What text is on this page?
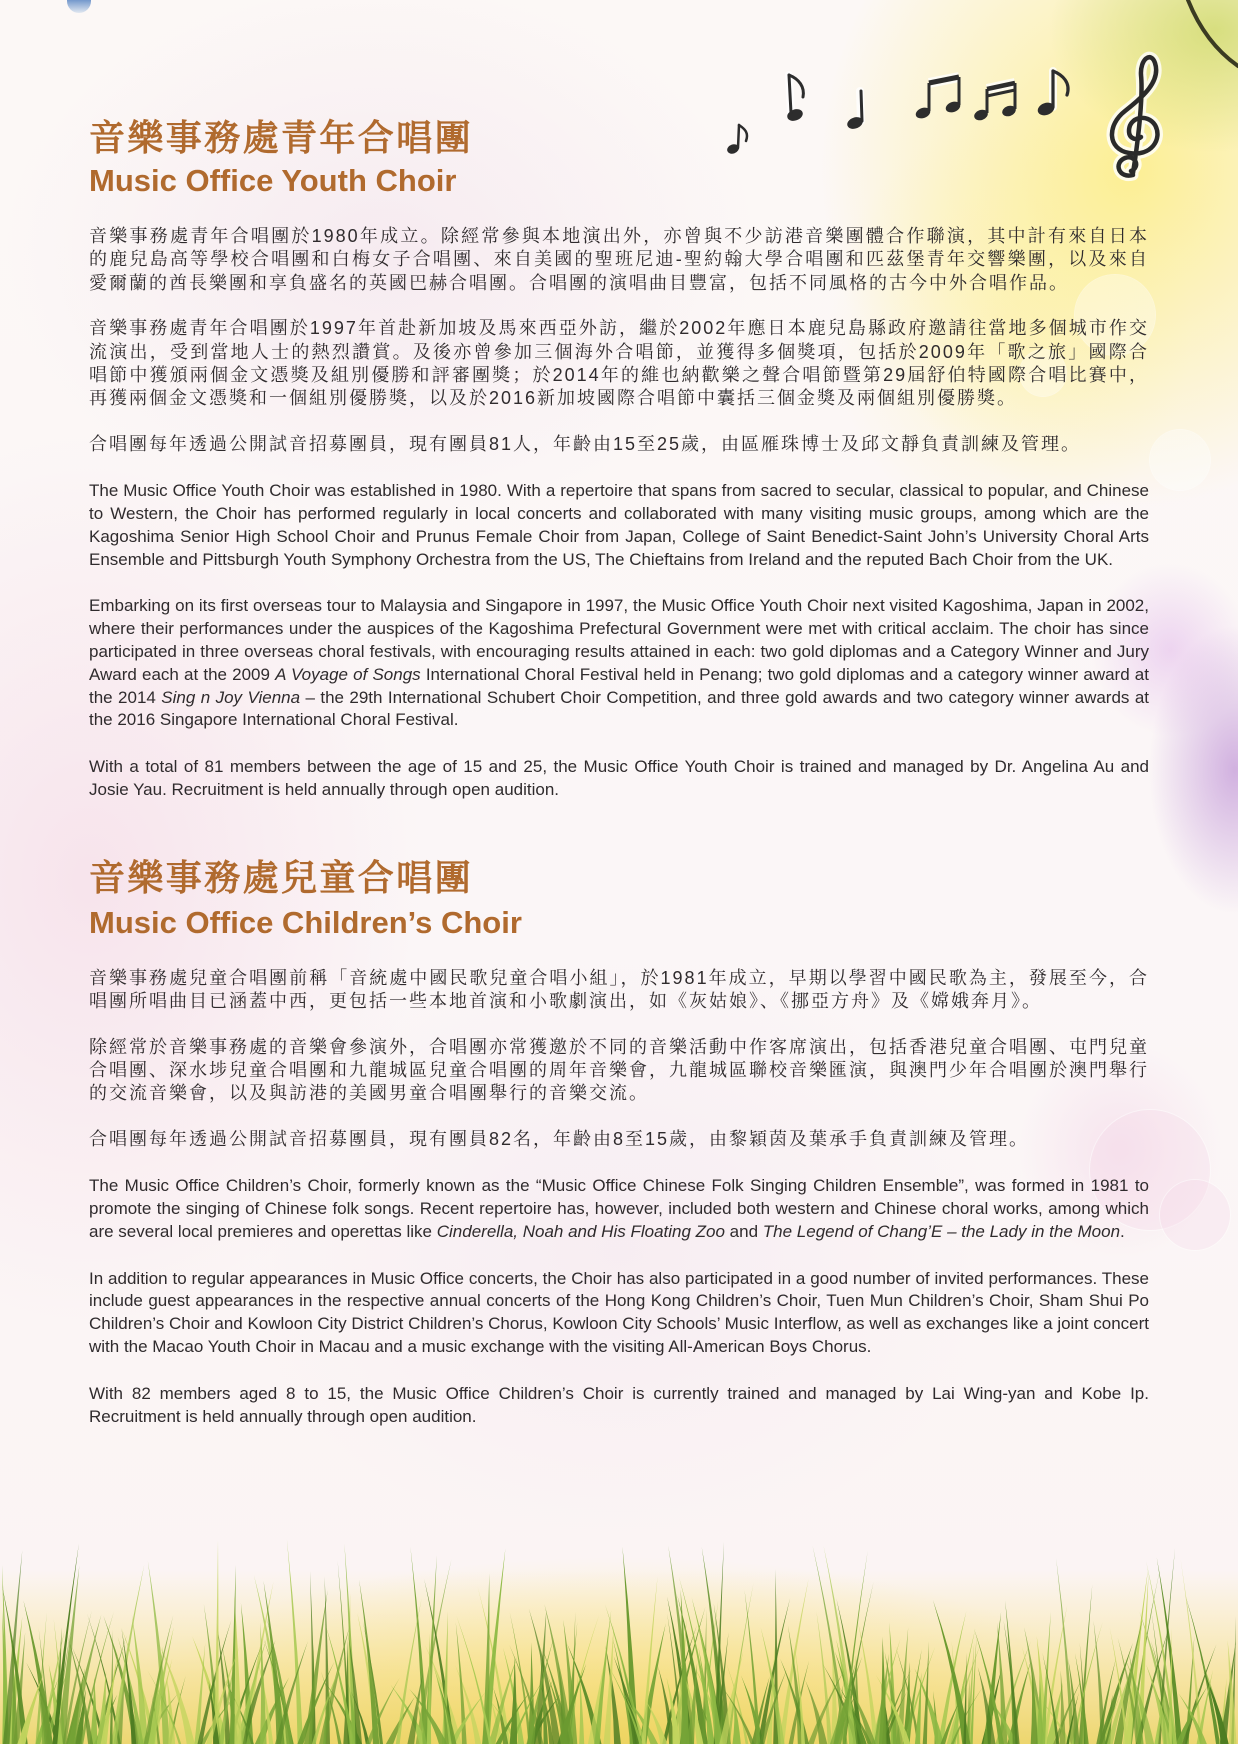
音樂事務處青年合唱團
Music Office Youth Choir

音樂事務處青年合唱團於1980年成立。除經常參與本地演出外，亦曾與不少訪港音樂團體合作聯演，其中計有來自日本的鹿兒島高等學校合唱團和白梅女子合唱團、來自美國的聖班尼迪-聖約翰大學合唱團和匹茲堡青年交響樂團，以及來自愛爾蘭的酋長樂團和享負盛名的英國巴赫合唱團。合唱團的演唱曲目豐富，包括不同風格的古今中外合唱作品。

音樂事務處青年合唱團於1997年首赴新加坡及馬來西亞外訪，繼於2002年應日本鹿兒島縣政府邀請往當地多個城市作交流演出，受到當地人士的熱烈讚賞。及後亦曾參加三個海外合唱節，並獲得多個獎項，包括於2009年「歌之旅」國際合唱節中獲頒兩個金文憑獎及組別優勝和評審團獎；於2014年的維也納歡樂之聲合唱節暨第29屆舒伯特國際合唱比賽中，再獲兩個金文憑獎和一個組別優勝獎，以及於2016新加坡國際合唱節中囊括三個金獎及兩個組別優勝獎。

合唱團每年透過公開試音招募團員，現有團員81人，年齡由15至25歲，由區雁珠博士及邱文靜負責訓練及管理。

The Music Office Youth Choir was established in 1980. With a repertoire that spans from sacred to secular, classical to popular, and Chinese to Western, the Choir has performed regularly in local concerts and collaborated with many visiting music groups, among which are the Kagoshima Senior High School Choir and Prunus Female Choir from Japan, College of Saint Benedict-Saint John’s University Choral Arts Ensemble and Pittsburgh Youth Symphony Orchestra from the US, The Chieftains from Ireland and the reputed Bach Choir from the UK.

Embarking on its first overseas tour to Malaysia and Singapore in 1997, the Music Office Youth Choir next visited Kagoshima, Japan in 2002, where their performances under the auspices of the Kagoshima Prefectural Government were met with critical acclaim. The choir has since participated in three overseas choral festivals, with encouraging results attained in each: two gold diplomas and a Category Winner and Jury Award each at the 2009 A Voyage of Songs International Choral Festival held in Penang; two gold diplomas and a category winner award at the 2014 Sing n Joy Vienna – the 29th International Schubert Choir Competition, and three gold awards and two category winner awards at the 2016 Singapore International Choral Festival.

With a total of 81 members between the age of 15 and 25, the Music Office Youth Choir is trained and managed by Dr. Angelina Au and Josie Yau. Recruitment is held annually through open audition.

音樂事務處兒童合唱團
Music Office Children’s Choir

音樂事務處兒童合唱團前稱「音統處中國民歌兒童合唱小組」，於1981年成立，早期以學習中國民歌為主，發展至今，合唱團所唱曲目已涵蓋中西，更包括一些本地首演和小歌劇演出，如《灰姑娘》、《挪亞方舟》及《嫦娥奔月》。

除經常於音樂事務處的音樂會參演外，合唱團亦常獲邀於不同的音樂活動中作客席演出，包括香港兒童合唱團、屯門兒童合唱團、深水埗兒童合唱團和九龍城區兒童合唱團的周年音樂會，九龍城區聯校音樂匯演，與澳門少年合唱團於澳門舉行的交流音樂會，以及與訪港的美國男童合唱團舉行的音樂交流。

合唱團每年透過公開試音招募團員，現有團員82名，年齡由8至15歲，由黎穎茵及葉承手負責訓練及管理。

The Music Office Children’s Choir, formerly known as the “Music Office Chinese Folk Singing Children Ensemble”, was formed in 1981 to promote the singing of Chinese folk songs. Recent repertoire has, however, included both western and Chinese choral works, among which are several local premieres and operettas like Cinderella, Noah and His Floating Zoo and The Legend of Chang’E – the Lady in the Moon.

In addition to regular appearances in Music Office concerts, the Choir has also participated in a good number of invited performances. These include guest appearances in the respective annual concerts of the Hong Kong Children’s Choir, Tuen Mun Children’s Choir, Sham Shui Po Children’s Choir and Kowloon City District Children’s Chorus, Kowloon City Schools’ Music Interflow, as well as exchanges like a joint concert with the Macao Youth Choir in Macau and a music exchange with the visiting All-American Boys Chorus.

With 82 members aged 8 to 15, the Music Office Children’s Choir is currently trained and managed by Lai Wing-yan and Kobe Ip. Recruitment is held annually through open audition.
